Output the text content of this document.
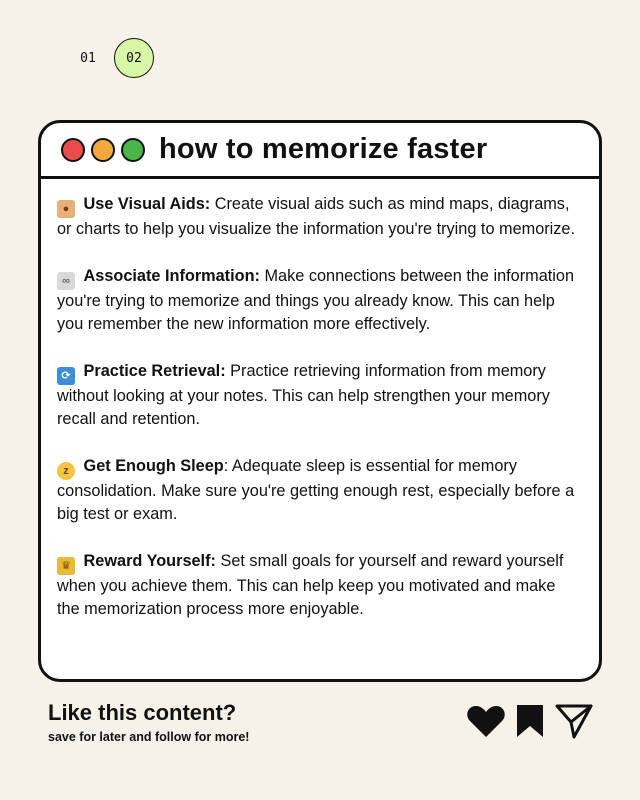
01	02
how to memorize faster

● Use Visual Aids: Create visual aids such as mind maps, diagrams, or charts to help you visualize the information you're trying to memorize.

∞ Associate Information: Make connections between the information you're trying to memorize and things you already know. This can help you remember the new information more effectively.

⟳ Practice Retrieval: Practice retrieving information from memory without looking at your notes. This can help strengthen your memory recall and retention.

z Get Enough Sleep: Adequate sleep is essential for memory consolidation. Make sure you're getting enough rest, especially before a big test or exam.

♛ Reward Yourself: Set small goals for yourself and reward yourself when you achieve them. This can help keep you motivated and make the memorization process more enjoyable.

Like this content?
save for later and follow for more!
